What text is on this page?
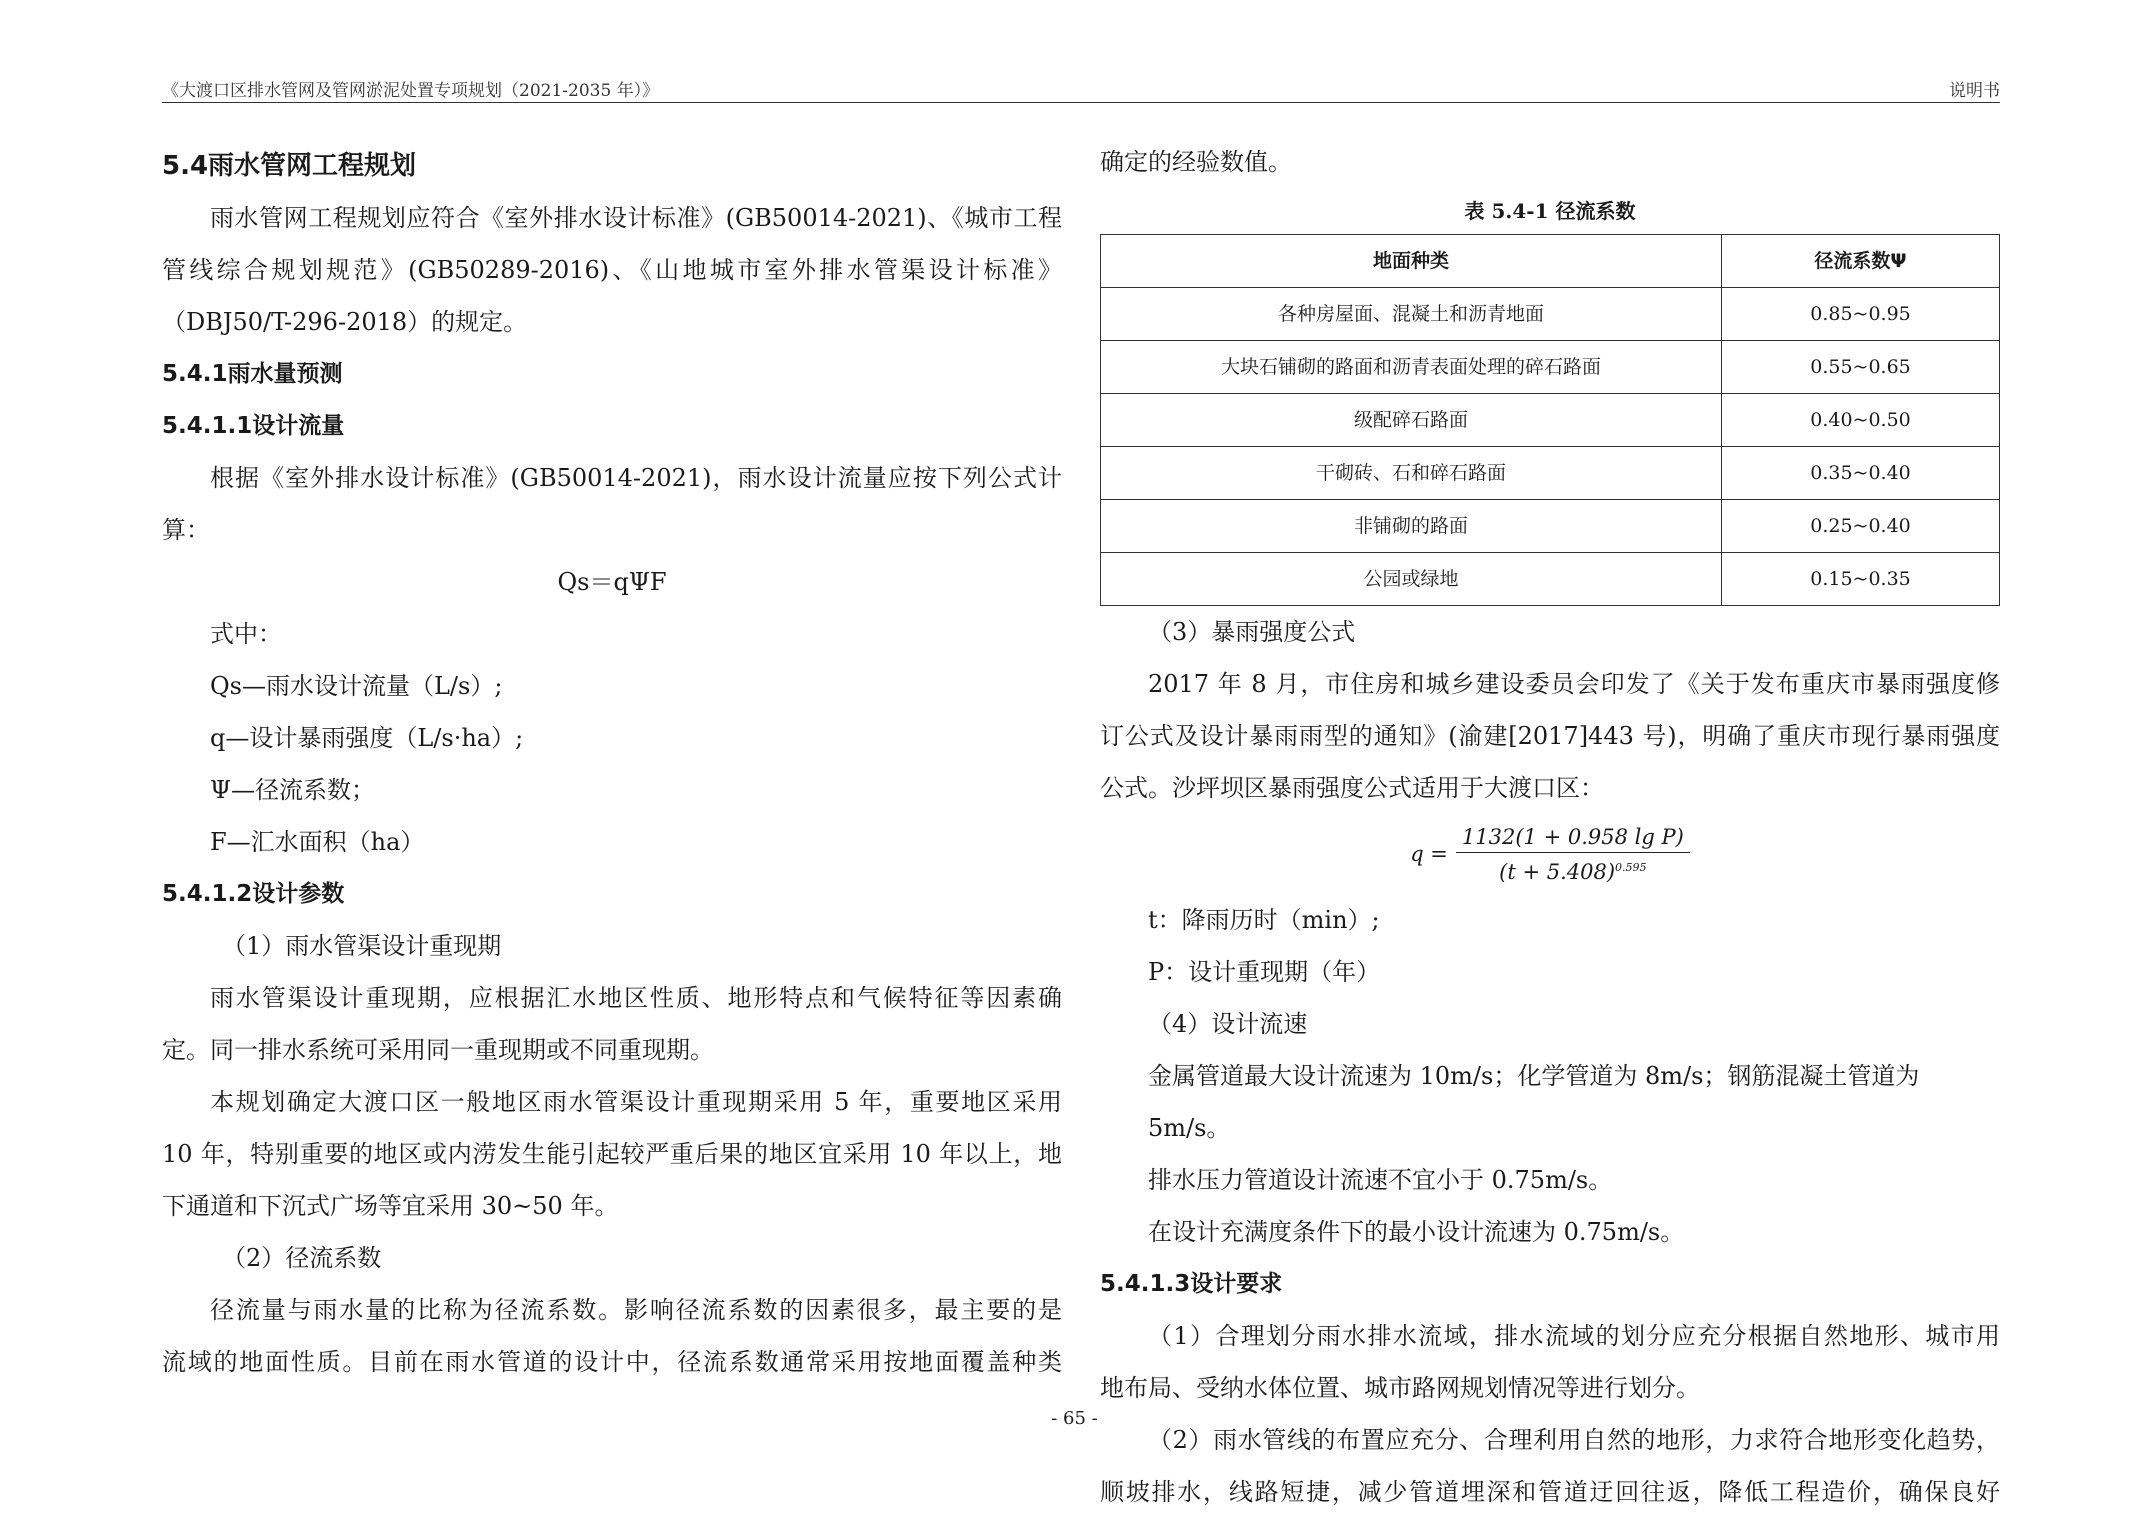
《大渡口区排水管网及管网淤泥处置专项规划（2021-2035 年）》	说明书

5.4雨水管网工程规划

雨水管网工程规划应符合《室外排水设计标准》(GB50014-2021)、《城市工程

管线综合规划规范》(GB50289-2016)、《山地城市室外排水管渠设计标准》

（DBJ50/T-296-2018）的规定。

5.4.1雨水量预测

5.4.1.1设计流量

根据《室外排水设计标准》(GB50014-2021)，雨水设计流量应按下列公式计

算：

Qs＝qΨF

式中：

Qs—雨水设计流量（L/s）;

q—设计暴雨强度（L/s·ha）;

Ψ—径流系数；

F—汇水面积（ha）

5.4.1.2设计参数

（1）雨水管渠设计重现期

雨水管渠设计重现期，应根据汇水地区性质、地形特点和气候特征等因素确

定。同一排水系统可采用同一重现期或不同重现期。

本规划确定大渡口区一般地区雨水管渠设计重现期采用 5 年，重要地区采用

10 年，特别重要的地区或内涝发生能引起较严重后果的地区宜采用 10 年以上，地

下通道和下沉式广场等宜采用 30~50 年。

（2）径流系数

径流量与雨水量的比称为径流系数。影响径流系数的因素很多，最主要的是

流域的地面性质。目前在雨水管道的设计中，径流系数通常采用按地面覆盖种类

确定的经验数值。

表 5.4-1 径流系数

地面种类	径流系数Ψ
各种房屋面、混凝土和沥青地面	0.85~0.95
大块石铺砌的路面和沥青表面处理的碎石路面	0.55~0.65
级配碎石路面	0.40~0.50
干砌砖、石和碎石路面	0.35~0.40
非铺砌的路面	0.25~0.40
公园或绿地	0.15~0.35

（3）暴雨强度公式

2017 年 8 月，市住房和城乡建设委员会印发了《关于发布重庆市暴雨强度修

订公式及设计暴雨雨型的通知》(渝建[2017]443 号)，明确了重庆市现行暴雨强度

公式。沙坪坝区暴雨强度公式适用于大渡口区：

$q = \frac{\text{1132(1 + 0.958 lg P)}}{(t + 5.408)^{0.595}}$

t：降雨历时（min）;

P：设计重现期（年）

（4）设计流速

金属管道最大设计流速为 10m/s；化学管道为 8m/s；钢筋混凝土管道为 5m/s。

排水压力管道设计流速不宜小于 0.75m/s。

在设计充满度条件下的最小设计流速为 0.75m/s。

5.4.1.3设计要求

（1）合理划分雨水排水流域，排水流域的划分应充分根据自然地形、城市用

地布局、受纳水体位置、城市路网规划情况等进行划分。

（2）雨水管线的布置应充分、合理利用自然的地形，力求符合地形变化趋势，

顺坡排水，线路短捷，减少管道埋深和管道迂回往返，降低工程造价，确保良好

- 65 -
